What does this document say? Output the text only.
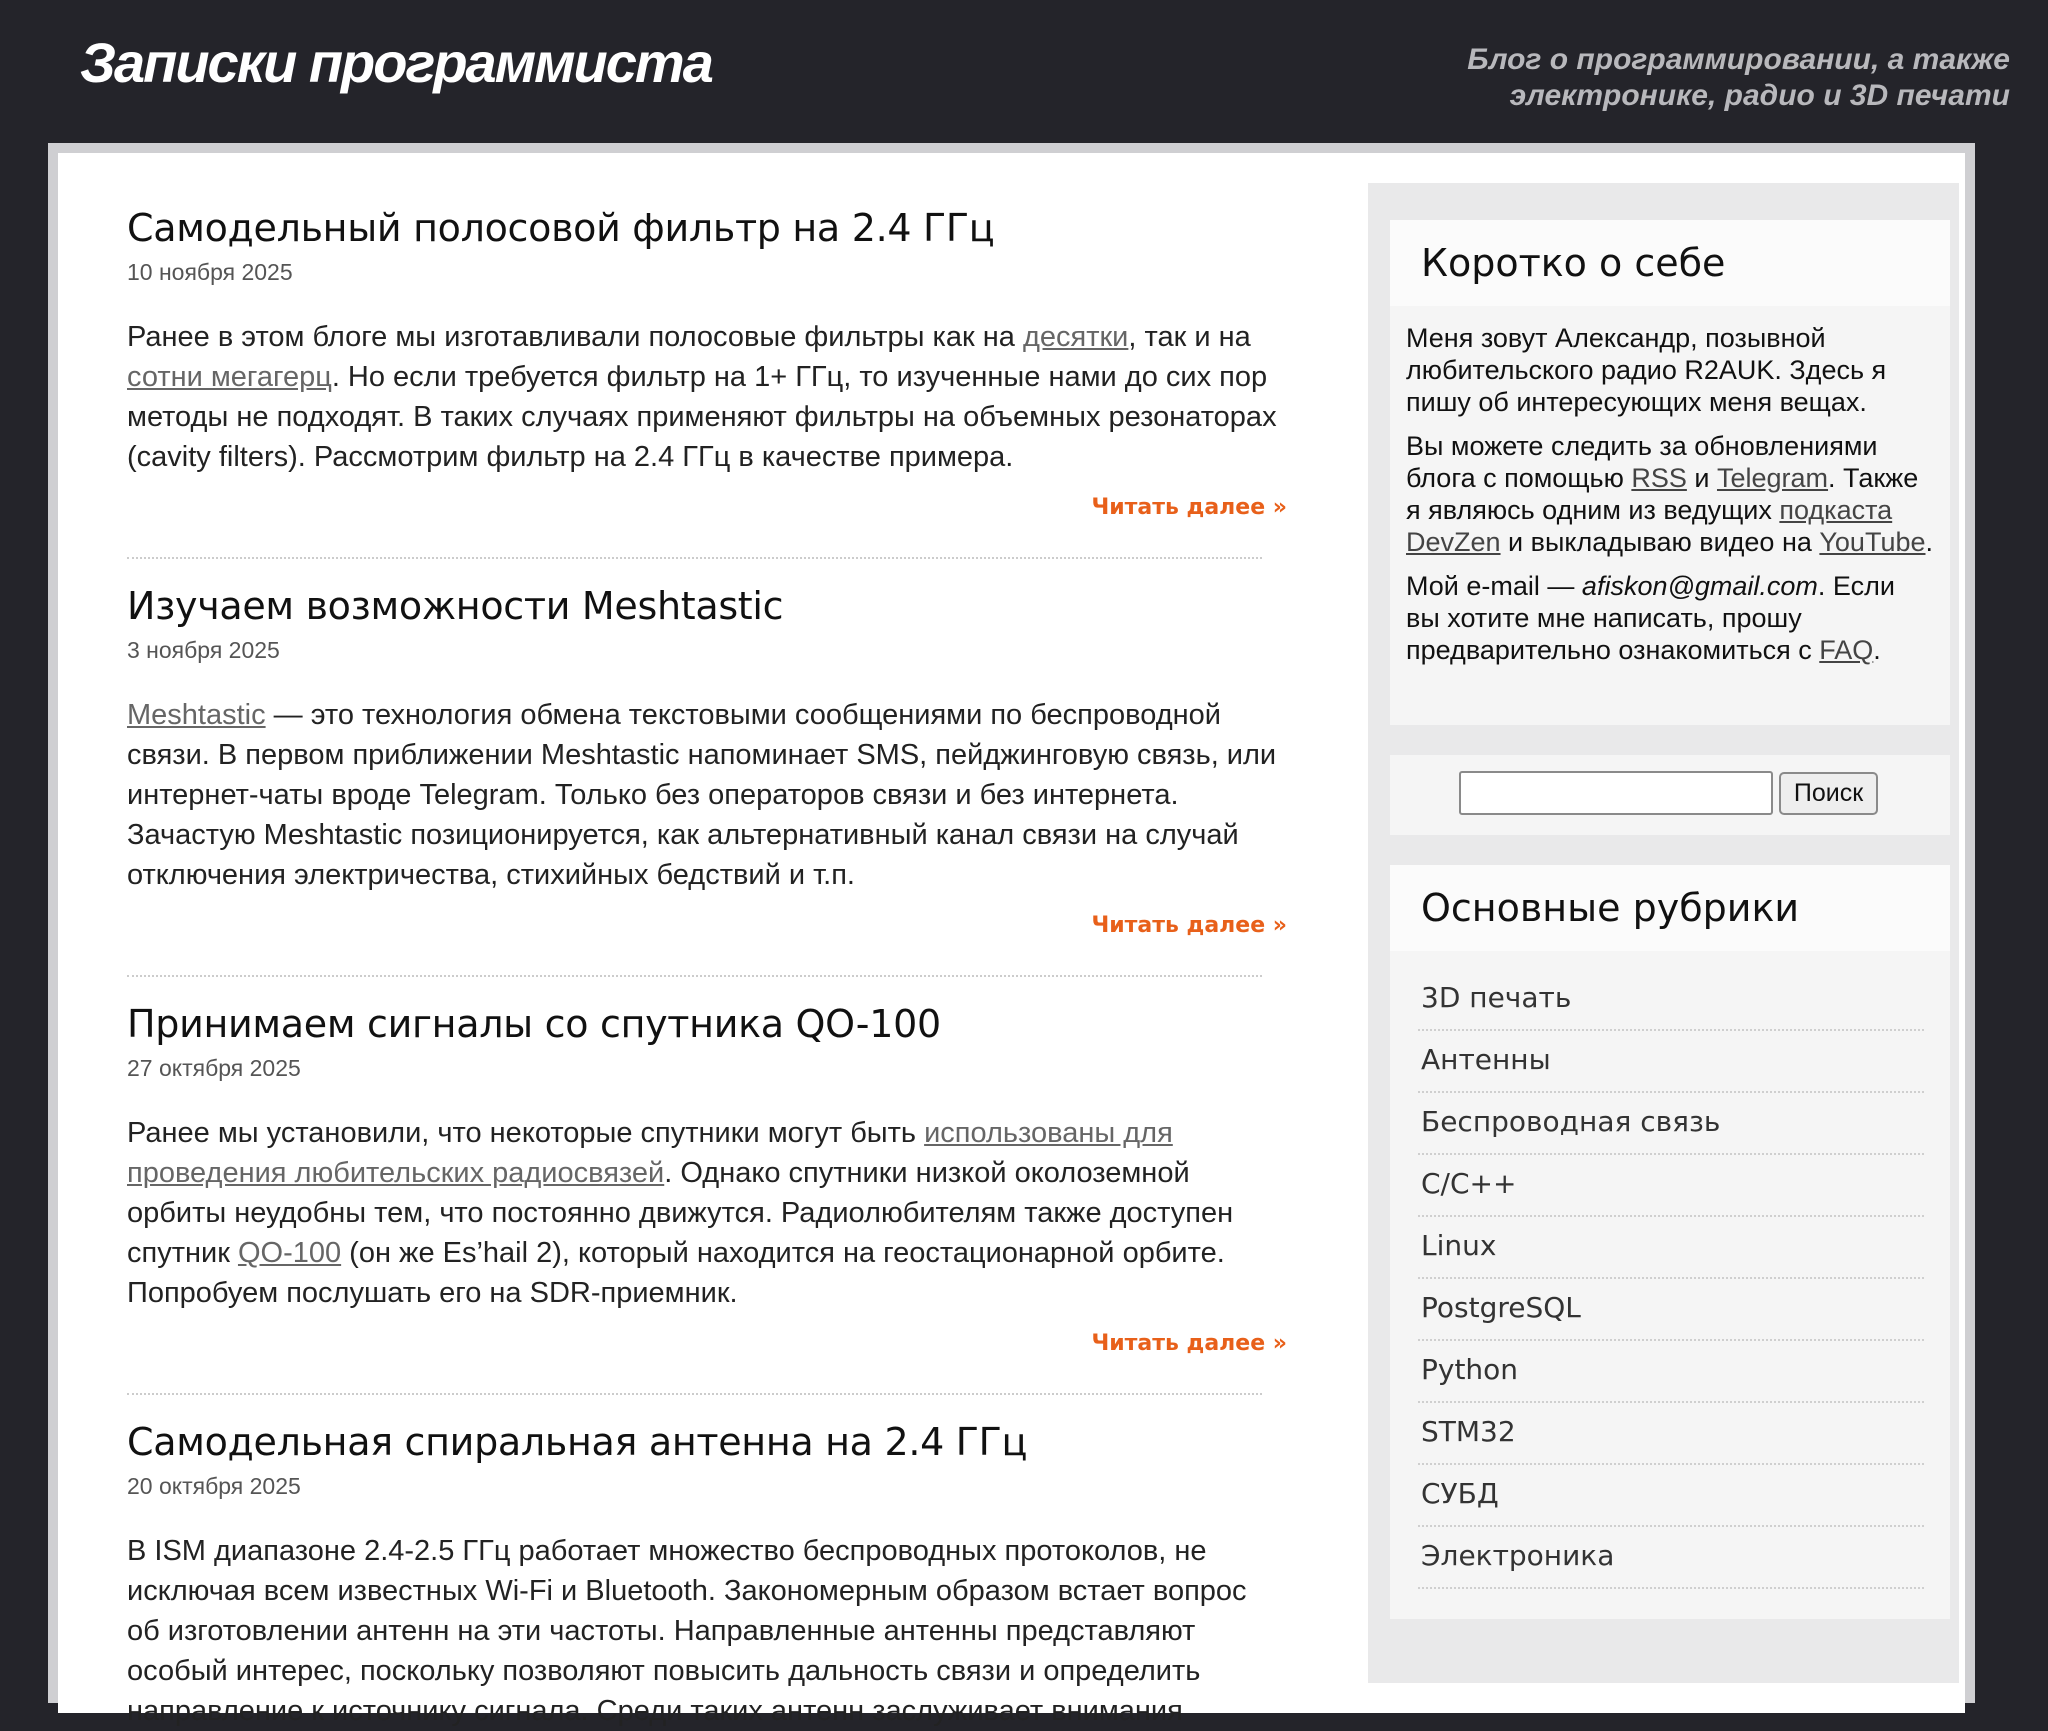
Записки программиста	Блог о программировании, а также
электронике, радио и 3D печати
Самодельный полосовой фильтр на 2.4 ГГц
10 ноября 2025
Ранее в этом блоге мы изготавливали полосовые фильтры как на десятки, так и на сотни мегагерц. Но если требуется фильтр на 1+ ГГц, то изученные нами до сих пор методы не подходят. В таких случаях применяют фильтры на объемных резонаторах (cavity filters). Рассмотрим фильтр на 2.4 ГГц в качестве примера.
Читать далее »
Изучаем возможности Meshtastic
3 ноября 2025
Meshtastic — это технология обмена текстовыми сообщениями по беспроводной связи. В первом приближении Meshtastic напоминает SMS, пейджинговую связь, или интернет-чаты вроде Telegram. Только без операторов связи и без интернета. Зачастую Meshtastic позиционируется, как альтернативный канал связи на случай отключения электричества, стихийных бедствий и т.п.
Читать далее »
Принимаем сигналы со спутника QO-100
27 октября 2025
Ранее мы установили, что некоторые спутники могут быть использованы для проведения любительских радиосвязей. Однако спутники низкой околоземной орбиты неудобны тем, что постоянно движутся. Радиолюбителям также доступен спутник QO-100 (он же Es’hail 2), который находится на геостационарной орбите. Попробуем послушать его на SDR-приемник.
Читать далее »
Самодельная спиральная антенна на 2.4 ГГц
20 октября 2025
В ISM диапазоне 2.4-2.5 ГГц работает множество беспроводных протоколов, не исключая всем известных Wi-Fi и Bluetooth. Закономерным образом встает вопрос об изготовлении антенн на эти частоты. Направленные антенны представляют особый интерес, поскольку позволяют повысить дальность связи и определить направление к источнику сигнала. Среди таких антенн заслуживает внимания
Коротко о себе

Меня зовут Александр, позывной любительского радио R2AUK. Здесь я пишу об интересующих меня вещах.

Вы можете следить за обновлениями блога с помощью RSS и Telegram. Также я являюсь одним из ведущих подкаста DevZen и выкладываю видео на YouTube.

Мой e-mail — afiskon@gmail.com. Если вы хотите мне написать, прошу предварительно ознакомиться с FAQ.

Поиск
Основные рубрики
3D печать
Антенны
Беспроводная связь
C/C++
Linux
PostgreSQL
Python
STM32
СУБД
Электроника
